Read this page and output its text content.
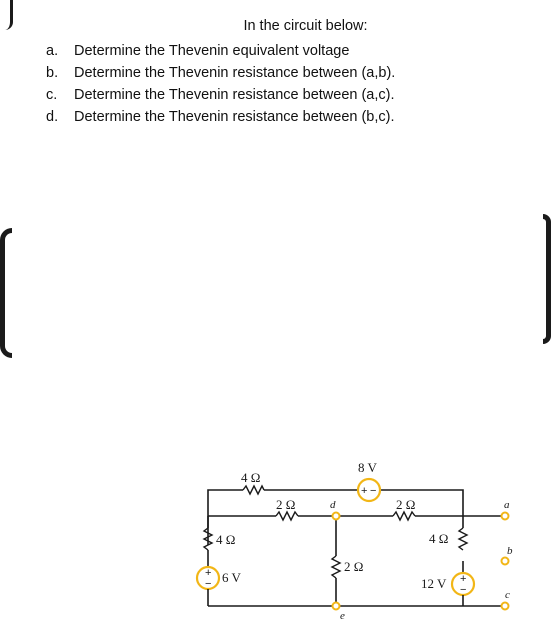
In the circuit below:
a. Determine the Thevenin equivalent voltage
b. Determine the Thevenin resistance between (a,b).
c. Determine the Thevenin resistance between (a,c).
d. Determine the Thevenin resistance between (b,c).
+ −
8 V
+
−	+
−
4 Ω
2 Ω	2 Ω
4 Ω
2 Ω
4 Ω
6 V	12 V
d
e
a
b
c
